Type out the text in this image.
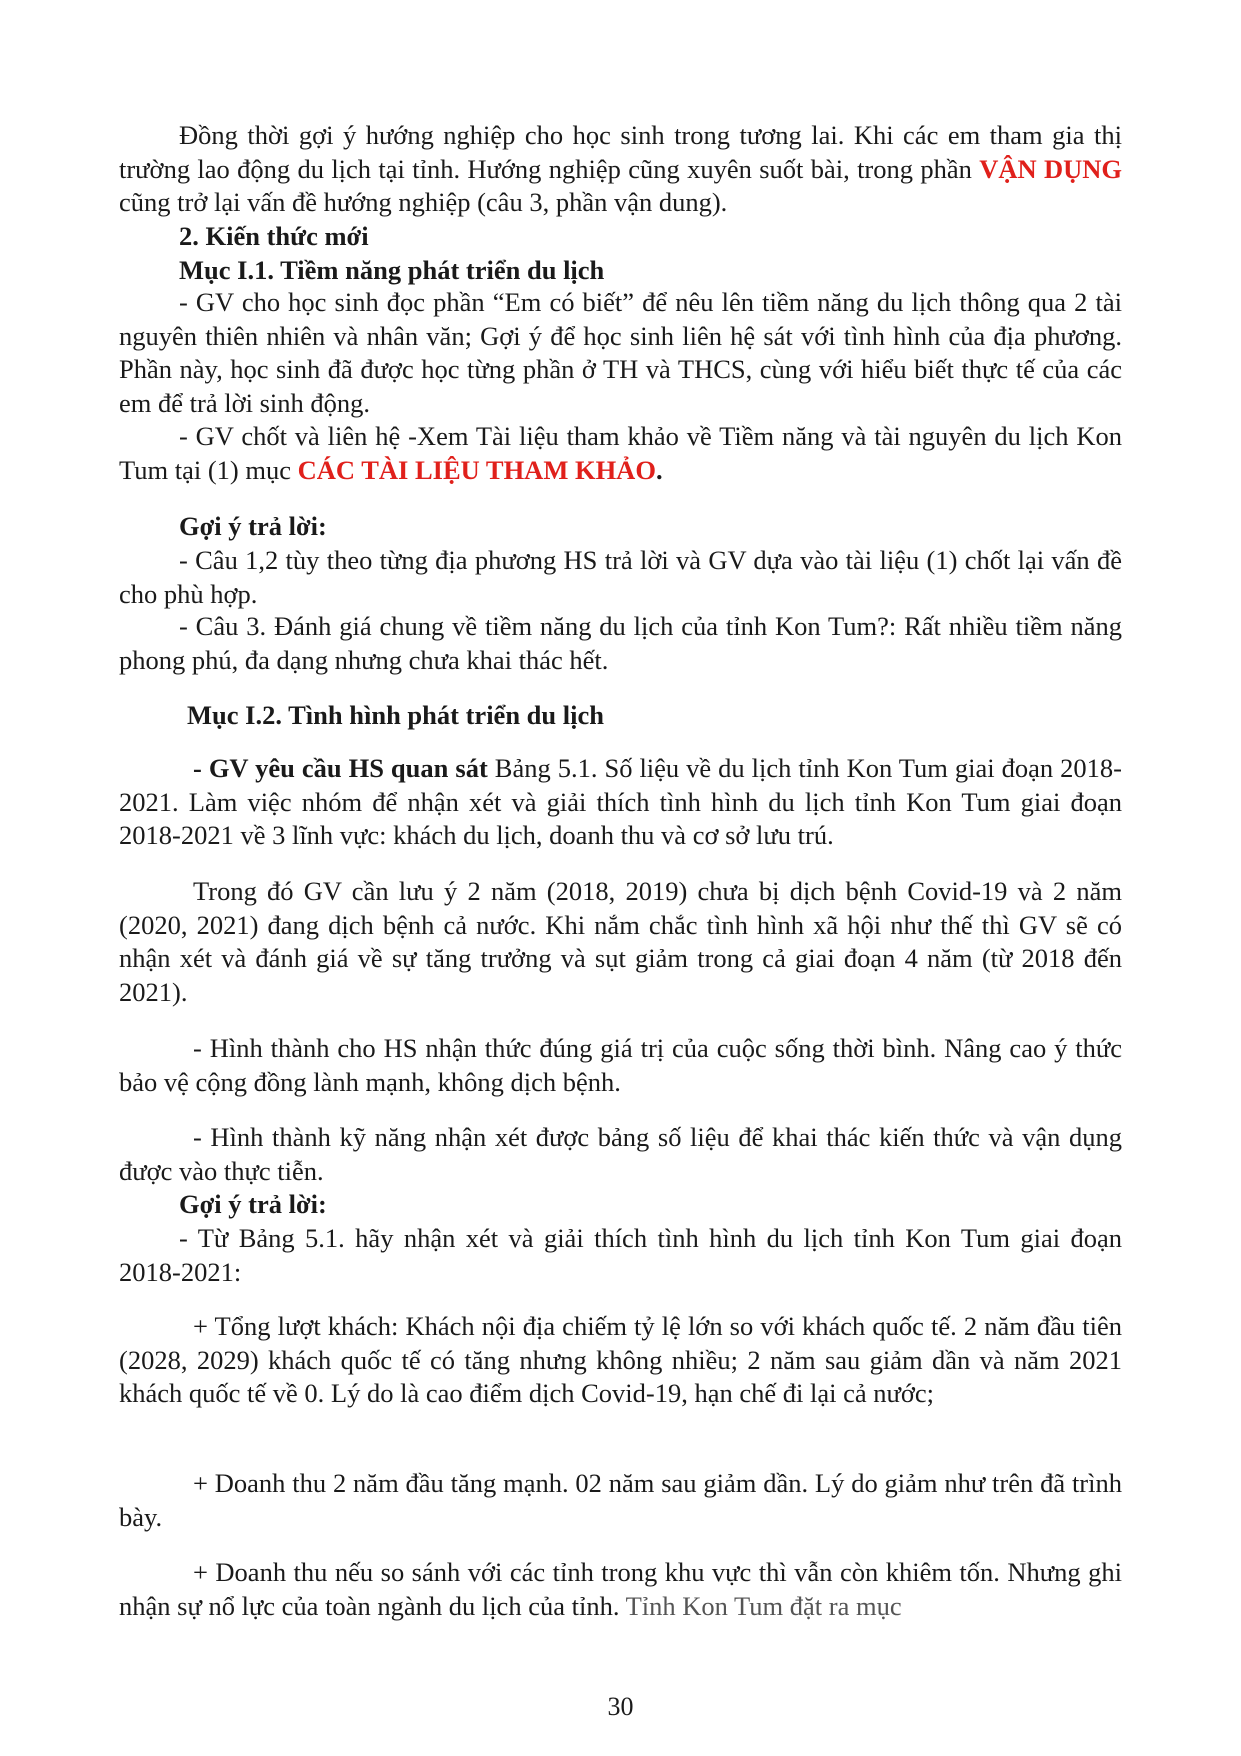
Đồng thời gợi ý hướng nghiệp cho học sinh trong tương lai. Khi các em tham gia thị trường lao động du lịch tại tỉnh. Hướng nghiệp cũng xuyên suốt bài, trong phần VẬN DỤNG cũng trở lại vấn đề hướng nghiệp (câu 3, phần vận dung).

2. Kiến thức mới

Mục I.1. Tiềm năng phát triển du lịch

- GV cho học sinh đọc phần “Em có biết” để nêu lên tiềm năng du lịch thông qua 2 tài nguyên thiên nhiên và nhân văn; Gợi ý để học sinh liên hệ sát với tình hình của địa phương. Phần này, học sinh đã được học từng phần ở TH và THCS, cùng với hiểu biết thực tế của các em để trả lời sinh động.

- GV chốt và liên hệ -Xem Tài liệu tham khảo về Tiềm năng và tài nguyên du lịch Kon Tum tại (1) mục CÁC TÀI LIỆU THAM KHẢO.

Gợi ý trả lời:

- Câu 1,2 tùy theo từng địa phương HS trả lời và GV dựa vào tài liệu (1) chốt lại vấn đề cho phù hợp.

- Câu 3. Đánh giá chung về tiềm năng du lịch của tỉnh Kon Tum?: Rất nhiều tiềm năng phong phú, đa dạng nhưng chưa khai thác hết.

Mục I.2. Tình hình phát triển du lịch

- GV yêu cầu HS quan sát Bảng 5.1. Số liệu về du lịch tỉnh Kon Tum giai đoạn 2018-2021. Làm việc nhóm để nhận xét và giải thích tình hình du lịch tỉnh Kon Tum giai đoạn 2018-2021 về 3 lĩnh vực: khách du lịch, doanh thu và cơ sở lưu trú.

Trong đó GV cần lưu ý 2 năm (2018, 2019) chưa bị dịch bệnh Covid-19 và 2 năm (2020, 2021) đang dịch bệnh cả nước. Khi nắm chắc tình hình xã hội như thế thì GV sẽ có nhận xét và đánh giá về sự tăng trưởng và sụt giảm trong cả giai đoạn 4 năm (từ 2018 đến 2021).

- Hình thành cho HS nhận thức đúng giá trị của cuộc sống thời bình. Nâng cao ý thức bảo vệ cộng đồng lành mạnh, không dịch bệnh.

- Hình thành kỹ năng nhận xét được bảng số liệu để khai thác kiến thức và vận dụng được vào thực tiễn.

Gợi ý trả lời:

- Từ Bảng 5.1. hãy nhận xét và giải thích tình hình du lịch tỉnh Kon Tum giai đoạn 2018-2021:

+ Tổng lượt khách: Khách nội địa chiếm tỷ lệ lớn so với khách quốc tế. 2 năm đầu tiên (2028, 2029) khách quốc tế có tăng nhưng không nhiều; 2 năm sau giảm dần và năm 2021 khách quốc tế về 0. Lý do là cao điểm dịch Covid-19, hạn chế đi lại cả nước;

+ Doanh thu 2 năm đầu tăng mạnh. 02 năm sau giảm dần. Lý do giảm như trên đã trình bày.

+ Doanh thu nếu so sánh với các tỉnh trong khu vực thì vẫn còn khiêm tốn. Nhưng ghi nhận sự nổ lực của toàn ngành du lịch của tỉnh. Tỉnh Kon Tum đặt ra mục

30
